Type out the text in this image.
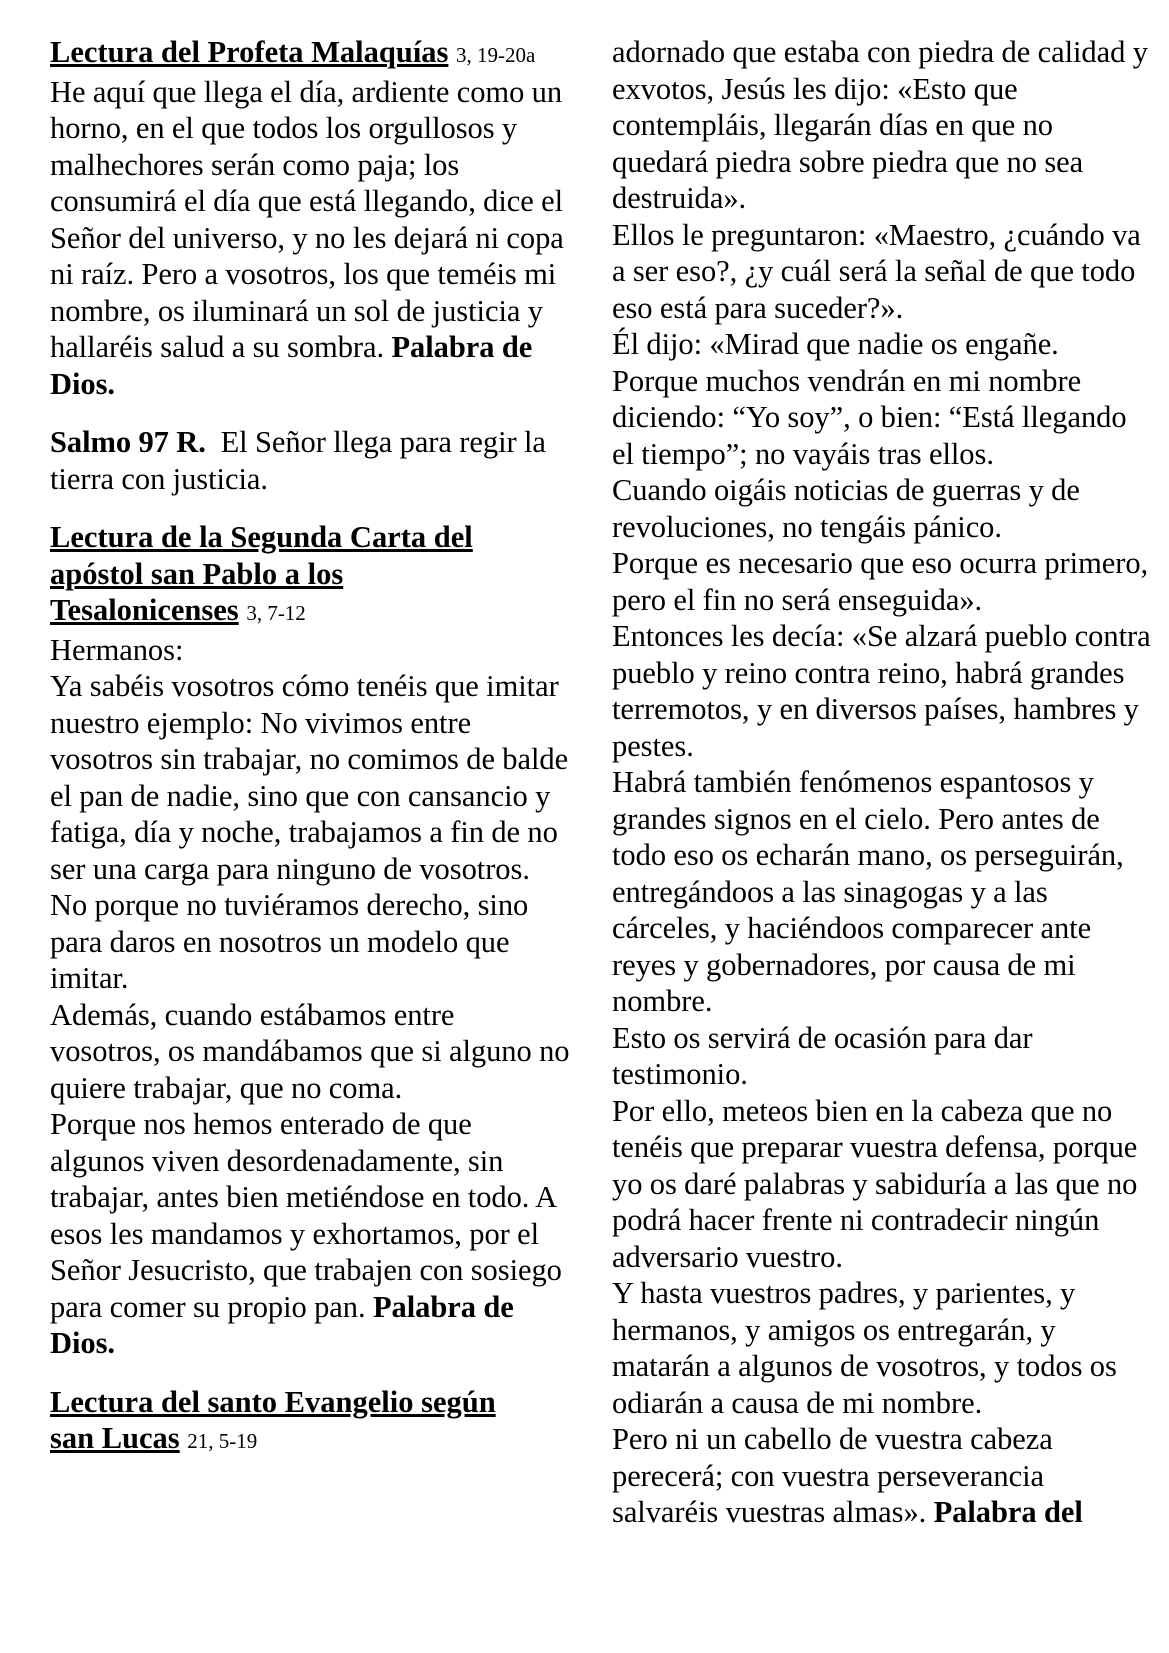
Lectura del Profeta Malaquías 3, 19-20a

He aquí que llega el día, ardiente como un horno, en el que todos los orgullosos y malhechores serán como paja; los consumirá el día que está llegando, dice el Señor del universo, y no les dejará ni copa ni raíz. Pero a vosotros, los que teméis mi nombre, os iluminará un sol de justicia y hallaréis salud a su sombra. Palabra de Dios.

Salmo 97 R. El Señor llega para regir la tierra con justicia.

Lectura de la Segunda Carta del
apóstol san Pablo a los
Tesalonicenses 3, 7-12

Hermanos:

Ya sabéis vosotros cómo tenéis que imitar nuestro ejemplo: No vivimos entre vosotros sin trabajar, no comimos de balde el pan de nadie, sino que con cansancio y fatiga, día y noche, trabajamos a fin de no ser una carga para ninguno de vosotros.

No porque no tuviéramos derecho, sino para daros en nosotros un modelo que imitar.

Además, cuando estábamos entre vosotros, os mandábamos que si alguno no quiere trabajar, que no coma.

Porque nos hemos enterado de que algunos viven desordenadamente, sin trabajar, antes bien metiéndose en todo. A esos les mandamos y exhortamos, por el Señor Jesucristo, que trabajen con sosiego para comer su propio pan. Palabra de Dios.

Lectura del santo Evangelio según
san Lucas 21, 5-19

adornado que estaba con piedra de calidad y exvotos, Jesús les dijo: «Esto que contempláis, llegarán días en que no quedará piedra sobre piedra que no sea destruida».

Ellos le preguntaron: «Maestro, ¿cuándo va a ser eso?, ¿y cuál será la señal de que todo eso está para suceder?».

Él dijo: «Mirad que nadie os engañe. Porque muchos vendrán en mi nombre diciendo: “Yo soy”, o bien: “Está llegando el tiempo”; no vayáis tras ellos.

Cuando oigáis noticias de guerras y de revoluciones, no tengáis pánico.

Porque es necesario que eso ocurra primero, pero el fin no será enseguida».

Entonces les decía: «Se alzará pueblo contra pueblo y reino contra reino, habrá grandes terremotos, y en diversos países, hambres y pestes.

Habrá también fenómenos espantosos y grandes signos en el cielo. Pero antes de todo eso os echarán mano, os perseguirán, entregándoos a las sinagogas y a las cárceles, y haciéndoos comparecer ante reyes y gobernadores, por causa de mi nombre.

Esto os servirá de ocasión para dar testimonio.

Por ello, meteos bien en la cabeza que no tenéis que preparar vuestra defensa, porque yo os daré palabras y sabiduría a las que no podrá hacer frente ni contradecir ningún adversario vuestro.

Y hasta vuestros padres, y parientes, y hermanos, y amigos os entregarán, y matarán a algunos de vosotros, y todos os odiarán a causa de mi nombre.

Pero ni un cabello de vuestra cabeza perecerá; con vuestra perseverancia salvaréis vuestras almas». Palabra del
